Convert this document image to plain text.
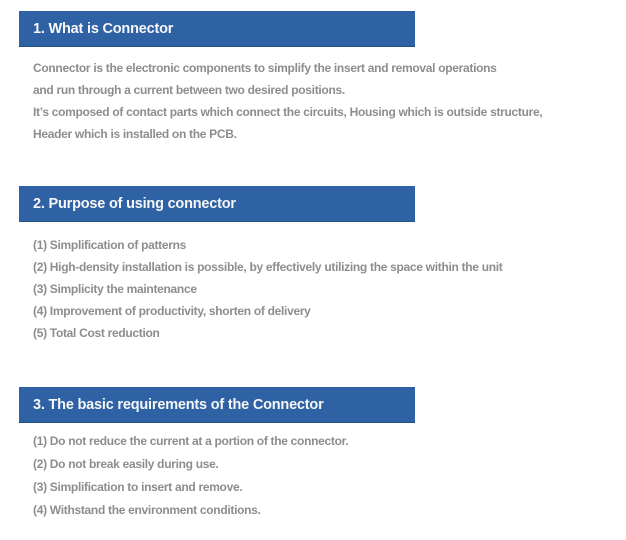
1. What is Connector
Connector is the electronic components to simplify the insert and removal operations
and run through a current between two desired positions.
It’s composed of contact parts which connect the circuits, Housing which is outside structure,
Header which is installed on the PCB.
2. Purpose of using connector
(1) Simplification of patterns
(2) High-density installation is possible, by effectively utilizing the space within the unit
(3) Simplicity the maintenance
(4) Improvement of productivity, shorten of delivery
(5) Total Cost reduction
3. The basic requirements of the Connector
(1) Do not reduce the current at a portion of the connector.
(2) Do not break easily during use.
(3) Simplification to insert and remove.
(4) Withstand the environment conditions.
